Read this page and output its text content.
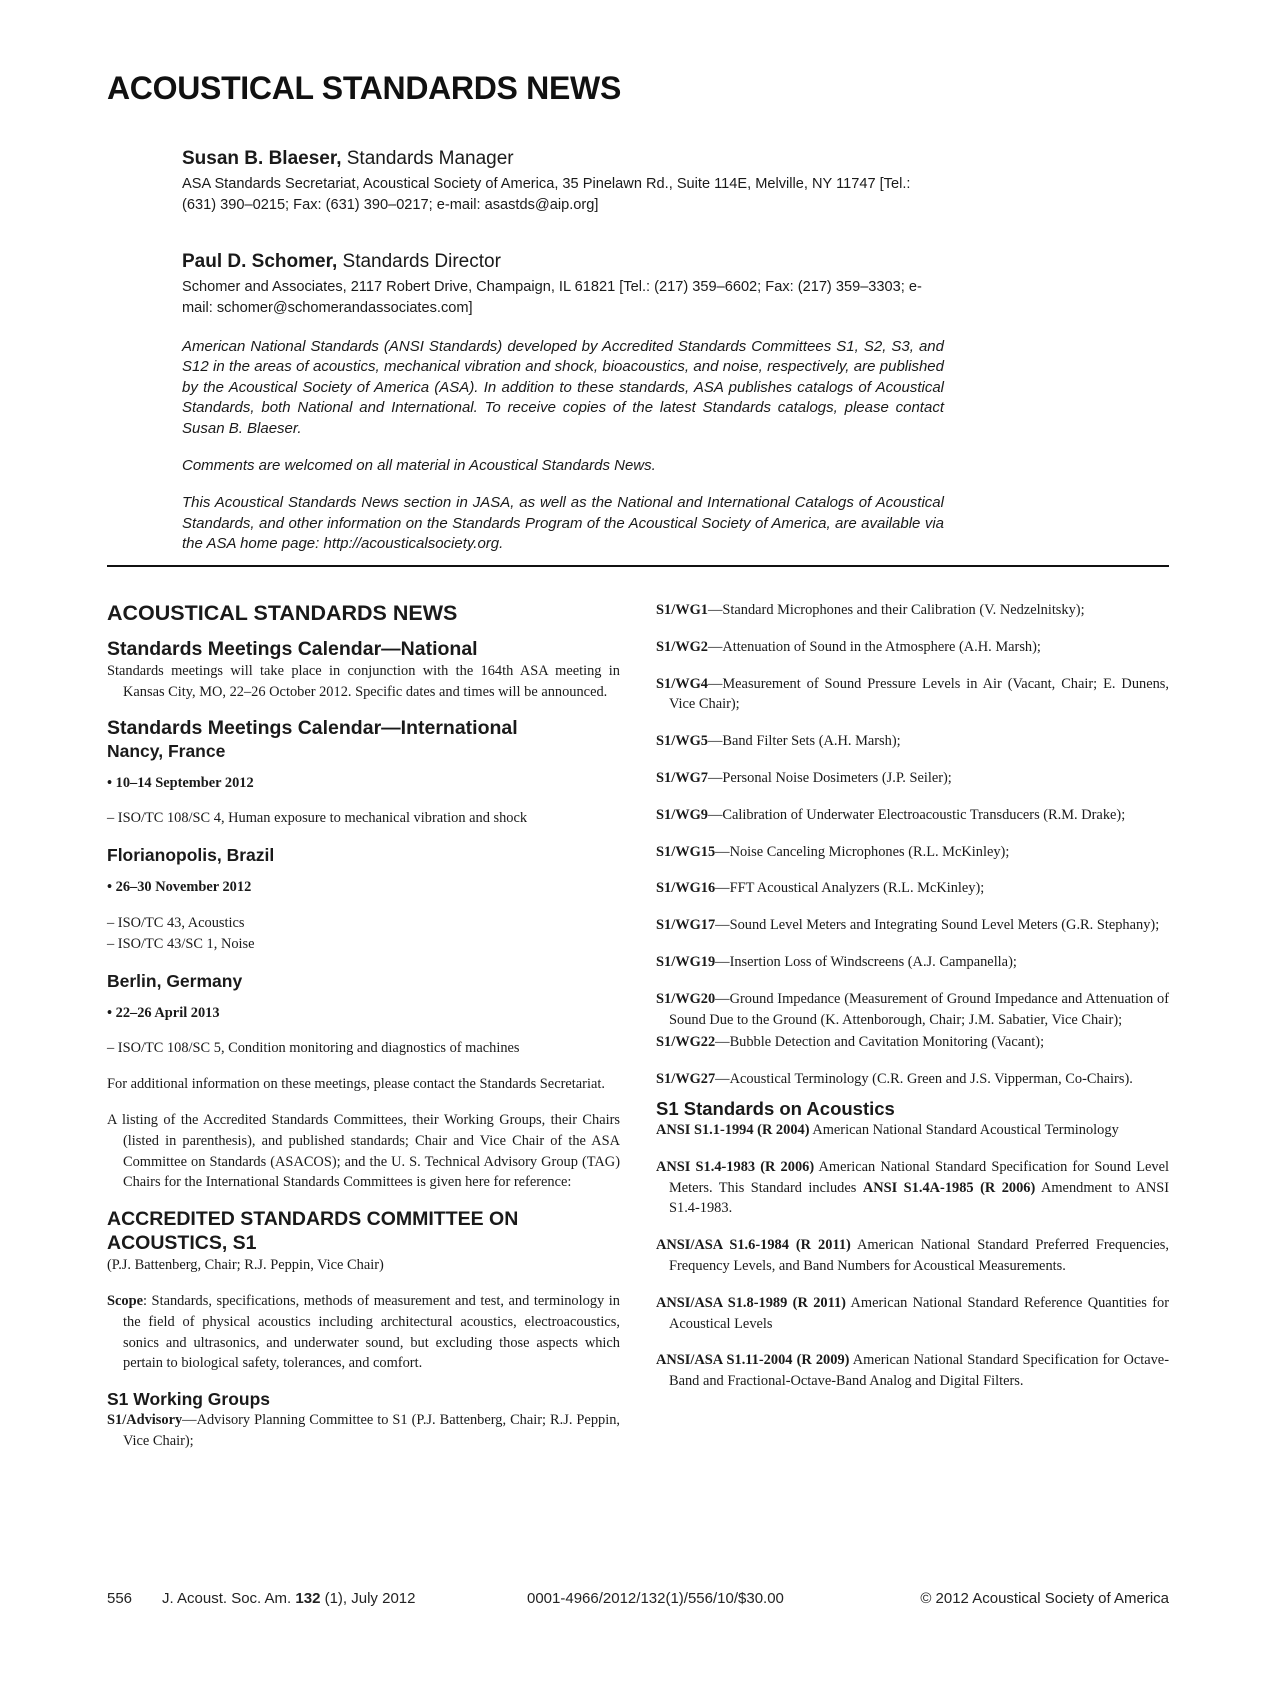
ACOUSTICAL STANDARDS NEWS
Susan B. Blaeser, Standards Manager
ASA Standards Secretariat, Acoustical Society of America, 35 Pinelawn Rd., Suite 114E, Melville, NY 11747 [Tel.: (631) 390–0215; Fax: (631) 390–0217; e-mail: asastds@aip.org]
Paul D. Schomer, Standards Director
Schomer and Associates, 2117 Robert Drive, Champaign, IL 61821 [Tel.: (217) 359–6602; Fax: (217) 359–3303; e-mail: schomer@schomerandassociates.com]

American National Standards (ANSI Standards) developed by Accredited Standards Committees S1, S2, S3, and S12 in the areas of acoustics, mechanical vibration and shock, bioacoustics, and noise, respectively, are published by the Acoustical Society of America (ASA). In addition to these standards, ASA publishes catalogs of Acoustical Standards, both National and International. To receive copies of the latest Standards catalogs, please contact Susan B. Blaeser.

Comments are welcomed on all material in Acoustical Standards News.

This Acoustical Standards News section in JASA, as well as the National and International Catalogs of Acoustical Standards, and other information on the Standards Program of the Acoustical Society of America, are available via the ASA home page: http://acousticalsociety.org.

ACOUSTICAL STANDARDS NEWS
Standards Meetings Calendar—National

Standards meetings will take place in conjunction with the 164th ASA meeting in Kansas City, MO, 22–26 October 2012. Specific dates and times will be announced.

Standards Meetings Calendar—International
Nancy, France

• 10–14 September 2012

– ISO/TC 108/SC 4, Human exposure to mechanical vibration and shock

Florianopolis, Brazil

• 26–30 November 2012

– ISO/TC 43, Acoustics

– ISO/TC 43/SC 1, Noise

Berlin, Germany

• 22–26 April 2013

– ISO/TC 108/SC 5, Condition monitoring and diagnostics of machines

For additional information on these meetings, please contact the Standards Secretariat.

A listing of the Accredited Standards Committees, their Working Groups, their Chairs (listed in parenthesis), and published standards; Chair and Vice Chair of the ASA Committee on Standards (ASACOS); and the U. S. Technical Advisory Group (TAG) Chairs for the International Standards Committees is given here for reference:

ACCREDITED STANDARDS COMMITTEE ON ACOUSTICS, S1

(P.J. Battenberg, Chair; R.J. Peppin, Vice Chair)

Scope: Standards, specifications, methods of measurement and test, and terminology in the field of physical acoustics including architectural acoustics, electroacoustics, sonics and ultrasonics, and underwater sound, but excluding those aspects which pertain to biological safety, tolerances, and comfort.

S1 Working Groups

S1/Advisory—Advisory Planning Committee to S1 (P.J. Battenberg, Chair; R.J. Peppin, Vice Chair);

S1/WG1—Standard Microphones and their Calibration (V. Nedzelnitsky);

S1/WG2—Attenuation of Sound in the Atmosphere (A.H. Marsh);

S1/WG4—Measurement of Sound Pressure Levels in Air (Vacant, Chair; E. Dunens, Vice Chair);

S1/WG5—Band Filter Sets (A.H. Marsh);

S1/WG7—Personal Noise Dosimeters (J.P. Seiler);

S1/WG9—Calibration of Underwater Electroacoustic Transducers (R.M. Drake);

S1/WG15—Noise Canceling Microphones (R.L. McKinley);

S1/WG16—FFT Acoustical Analyzers (R.L. McKinley);

S1/WG17—Sound Level Meters and Integrating Sound Level Meters (G.R. Stephany);

S1/WG19—Insertion Loss of Windscreens (A.J. Campanella);

S1/WG20—Ground Impedance (Measurement of Ground Impedance and Attenuation of Sound Due to the Ground (K. Attenborough, Chair; J.M. Sabatier, Vice Chair);

S1/WG22—Bubble Detection and Cavitation Monitoring (Vacant);

S1/WG27—Acoustical Terminology (C.R. Green and J.S. Vipperman, Co-Chairs).

S1 Standards on Acoustics

ANSI S1.1-1994 (R 2004) American National Standard Acoustical Terminology

ANSI S1.4-1983 (R 2006) American National Standard Specification for Sound Level Meters. This Standard includes ANSI S1.4A-1985 (R 2006) Amendment to ANSI S1.4-1983.

ANSI/ASA S1.6-1984 (R 2011) American National Standard Preferred Frequencies, Frequency Levels, and Band Numbers for Acoustical Measurements.

ANSI/ASA S1.8-1989 (R 2011) American National Standard Reference Quantities for Acoustical Levels

ANSI/ASA S1.11-2004 (R 2009) American National Standard Specification for Octave-Band and Fractional-Octave-Band Analog and Digital Filters.

556 J. Acoust. Soc. Am. 132 (1), July 2012	0001-4966/2012/132(1)/556/10/$30.00	© 2012 Acoustical Society of America
